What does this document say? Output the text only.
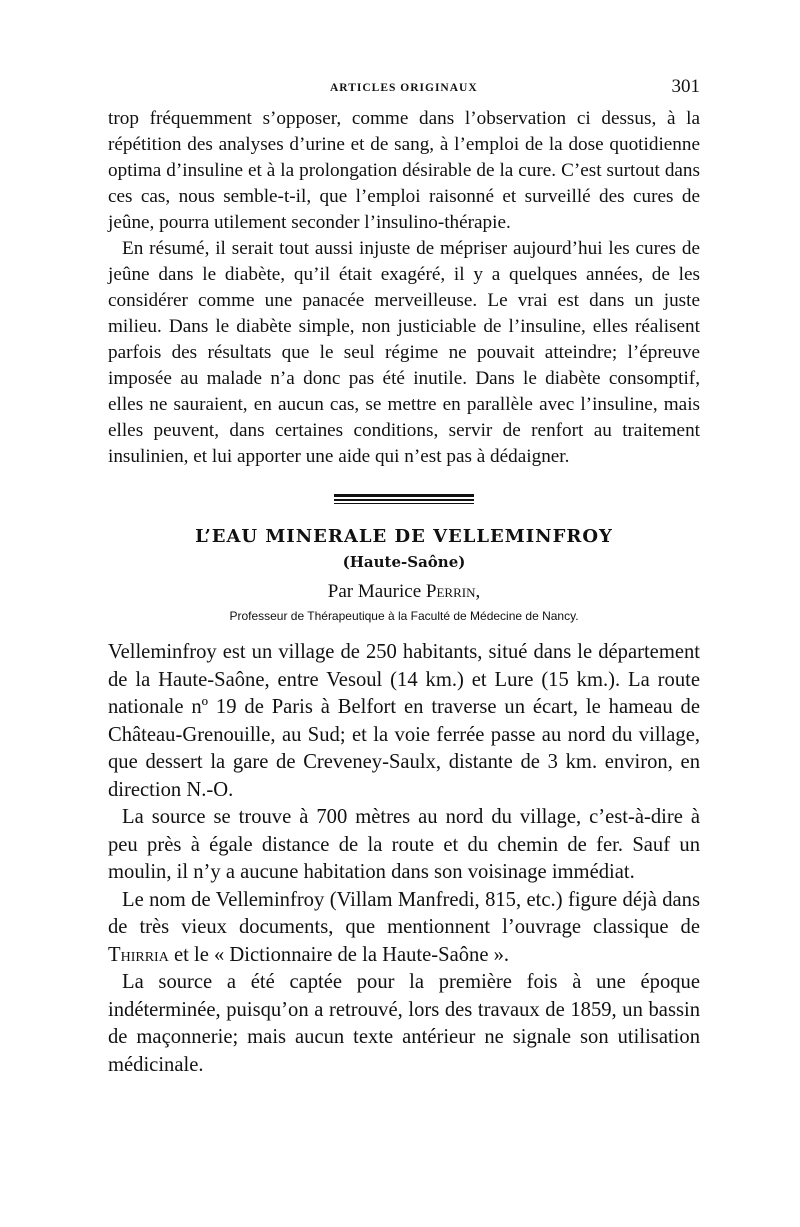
ARTICLES ORIGINAUX	301

trop fréquemment s’opposer, comme dans l’observation ci dessus, à la répétition des analyses d’urine et de sang, à l’emploi de la dose quotidienne optima d’insuline et à la prolongation désirable de la cure. C’est surtout dans ces cas, nous semble-t-il, que l’emploi raisonné et surveillé des cures de jeûne, pourra utilement seconder l’insulino-thérapie.

En résumé, il serait tout aussi injuste de mépriser aujourd’hui les cures de jeûne dans le diabète, qu’il était exagéré, il y a quelques années, de les considérer comme une panacée merveilleuse. Le vrai est dans un juste milieu. Dans le diabète simple, non justiciable de l’insuline, elles réalisent parfois des résultats que le seul régime ne pouvait atteindre; l’épreuve imposée au malade n’a donc pas été inutile. Dans le diabète consomptif, elles ne sauraient, en aucun cas, se mettre en parallèle avec l’insuline, mais elles peuvent, dans certaines conditions, servir de renfort au traitement insulinien, et lui apporter une aide qui n’est pas à dédaigner.

L’EAU MINERALE DE VELLEMINFROY
(Haute-Saône)
Par Maurice Perrin,
Professeur de Thérapeutique à la Faculté de Médecine de Nancy.

Velleminfroy est un village de 250 habitants, situé dans le département de la Haute-Saône, entre Vesoul (14 km.) et Lure (15 km.). La route nationale nº 19 de Paris à Belfort en traverse un écart, le hameau de Château-Grenouille, au Sud; et la voie ferrée passe au nord du village, que dessert la gare de Creveney-Saulx, distante de 3 km. environ, en direction N.-O.

La source se trouve à 700 mètres au nord du village, c’est-à-dire à peu près à égale distance de la route et du chemin de fer. Sauf un moulin, il n’y a aucune habitation dans son voisinage immédiat.

Le nom de Velleminfroy (Villam Manfredi, 815, etc.) figure déjà dans de très vieux documents, que mentionnent l’ouvrage classique de Thirria et le « Dictionnaire de la Haute-Saône ».

La source a été captée pour la première fois à une époque indéterminée, puisqu’on a retrouvé, lors des travaux de 1859, un bassin de maçonnerie; mais aucun texte antérieur ne signale son utilisation médicinale.
